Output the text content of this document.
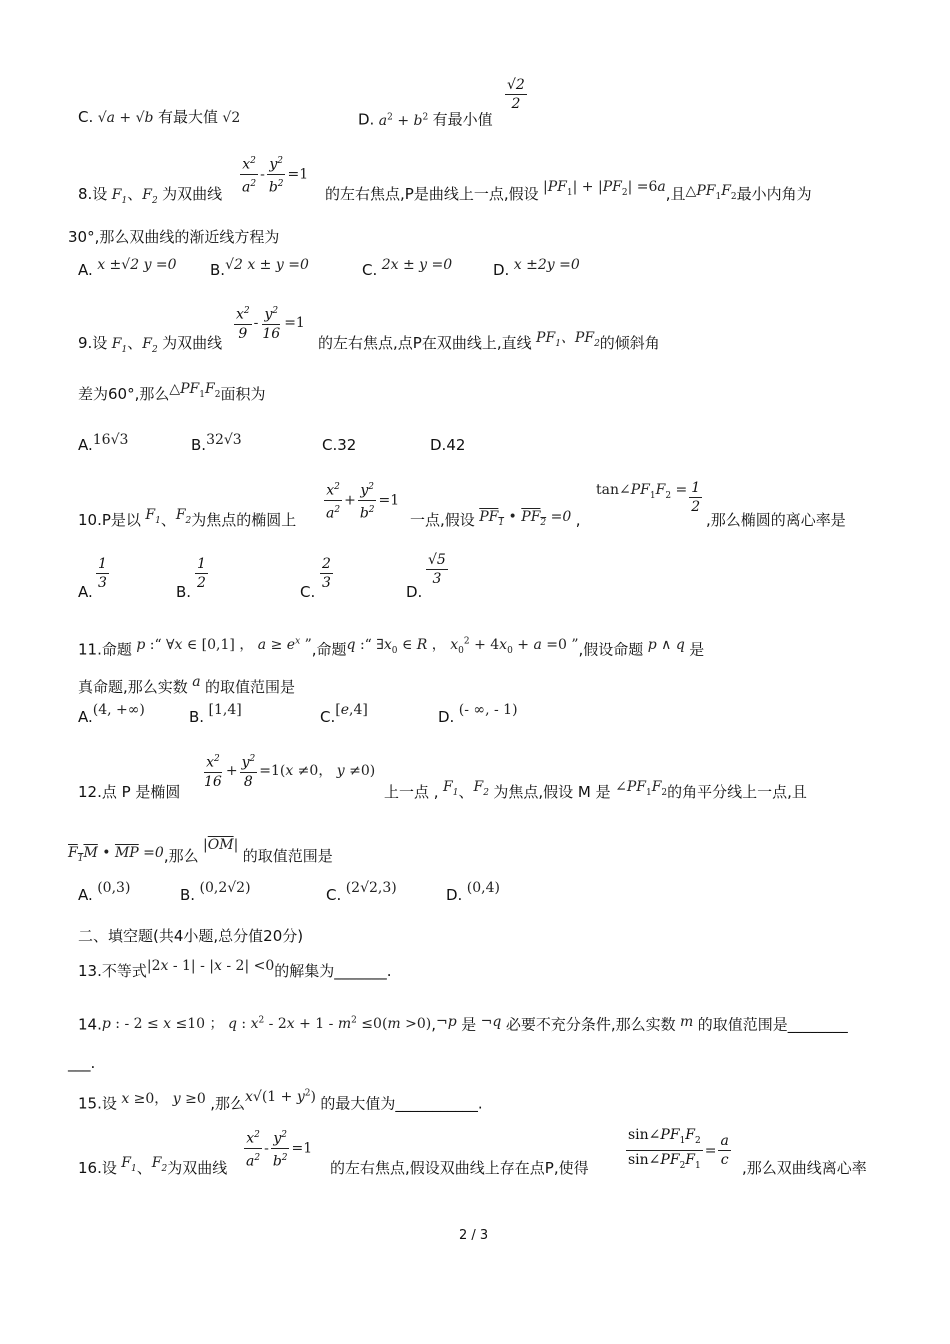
C. √a + √b 有最大值 √2	D. $a^2 + b^2$ 有最小值
$\frac{√2}{2}$
8.设 $F_1$、$F_2$ 为双曲线 $\frac{x^2}{a^2} - \frac{y^2}{b^2} =1$
的左右焦点,P是曲线上一点,假设 $|PF_1| + |PF_2| =6a$,且$\triangle PF_1F_2$最小内角为
30°,那么双曲线的渐近线方程为
A. x ±√2 y =0 B.√2 x ± y =0	C. 2x ± y =0	D. x ±2y =0
9.设 $F_1$、$F_2$ 为双曲线
$\frac{x^2}{9} - \frac{y^2}{16} =1$
的左右焦点,点P在双曲线上,直线 $PF_1$、$PF_2$的倾斜角
差为60°,那么$\triangle PF_1F_2$面积为
A.16√3	B.32√3	C.32	D.42
10.P是以 $F_1$、$F_2$为焦点的椭圆上 $\frac{x^2}{a^2} + \frac{y^2}{b^2} =1$
一点,假设 $PF_1$ • $PF_2 =0$ ,
$\tan\angle PF_1F_2 = \frac{1}{2}$
,那么椭圆的离心率是
A. $\frac{1}{3}$	B. $\frac{1}{2}$	C. $\frac{2}{3}$	D.
$\frac{√5}{3}$
11.命题 p :“ ∀x ∈ [0,1] ， $a \ge e^x$ ”,命题q :“ $\exists x_0$ ∈ R ， $x_0^2 + 4x_0 + a =0$ ”,假设命题 p ∧ q 是
真命题,那么实数 a 的取值范围是
A.(4, +∞)	B. [1,4]	C.[e,4]	D. (- ∞, - 1)
12.点 P 是椭圆
$\frac{x^2}{16} + \frac{y^2}{8} =1(x \ne 0$， y ≠0)
上一点 , $F_1$、$F_2$ 为焦点,假设 M 是 $\angle PF_1F_2$的角平分线上一点,且
$F_1M$ • $\overline{MP} =0$,那么 $|\overline{OM}|$ 的取值范围是
A. (0,3)	B. (0,2√2)	C. (2√2,3)	D. (0,4)
二、填空题(共4小题,总分值20分)
13.不等式|2x - 1| - |x - 2| <0的解集为_______.
14.p : - 2 ≤ x ≤10 ； q : $x^2 - 2x + 1 - m^2 \le 0(m$ >0),¬p 是 ¬q 必要不充分条件,那么实数 m 的取值范围是________
___.
15.设 x ≥0， y ≥0 ,那么$x√(1 + y^2)$ 的最大值为___________.
16.设 $F_1$、$F_2$为双曲线 $\frac{x^2}{a^2} - \frac{y^2}{b^2} =1$
的左右焦点,假设双曲线上存在点P,使得	$\frac{\sin\angle PF_1F_2}{\sin\angle PF_2F_1} = \frac{a}{c}$ ,那么双曲线离心率
2 / 3
